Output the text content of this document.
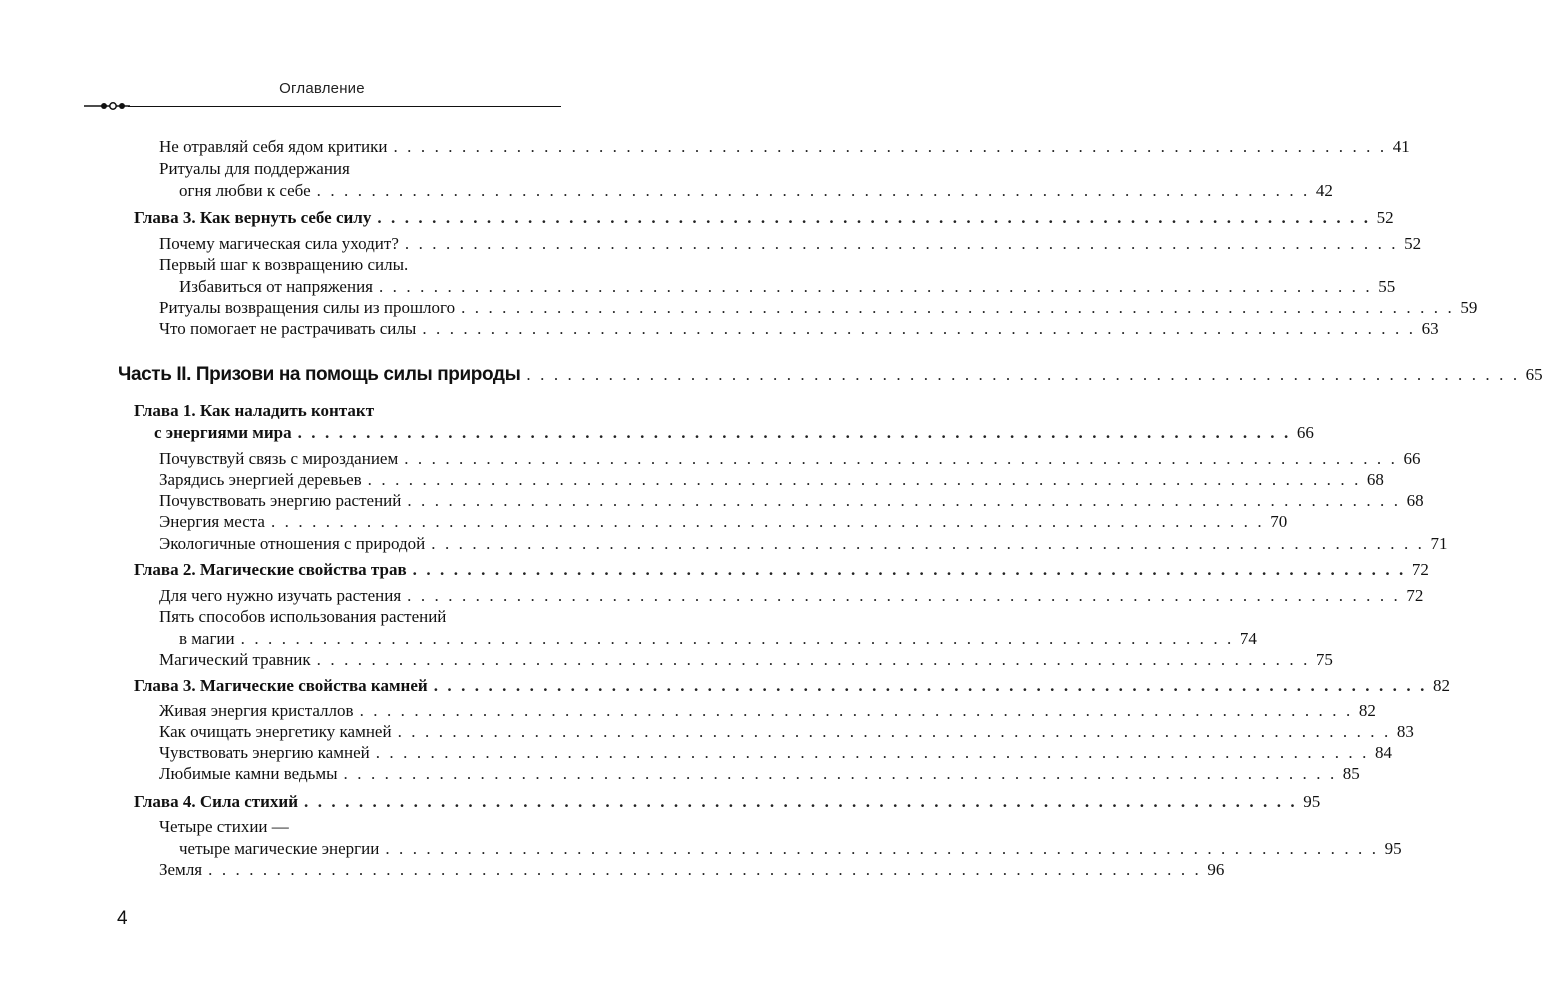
Оглавление
Не отравляй себя ядом критики . . . . . . . . . . . . . . . . . . . . . . . . . . . . . . . . . . . . . . . . . . . . . . . . . . . . . . . . . . . . . . . . . . . . . . . . . 41
Ритуалы для поддержания
огня любви к себе . . . . . . . . . . . . . . . . . . . . . . . . . . . . . . . . . . . . . . . . . . . . . . . . . . . . . . . . . . . . . . . . . . . . . . . . . 42
Глава 3. Как вернуть себе силу . . . . . . . . . . . . . . . . . . . . . . . . . . . . . . . . . . . . . . . . . . . . . . . . . . . . . . . . . . . . . . . . . . . . . . . . . 52
Почему магическая сила уходит? . . . . . . . . . . . . . . . . . . . . . . . . . . . . . . . . . . . . . . . . . . . . . . . . . . . . . . . . . . . . . . . . . . . . . . . . . 52
Первый шаг к возвращению силы.
Избавиться от напряжения . . . . . . . . . . . . . . . . . . . . . . . . . . . . . . . . . . . . . . . . . . . . . . . . . . . . . . . . . . . . . . . . . . . . . . . . . 55
Ритуалы возвращения силы из прошлого . . . . . . . . . . . . . . . . . . . . . . . . . . . . . . . . . . . . . . . . . . . . . . . . . . . . . . . . . . . . . . . . . . . . . . . . . 59
Что помогает не растрачивать силы . . . . . . . . . . . . . . . . . . . . . . . . . . . . . . . . . . . . . . . . . . . . . . . . . . . . . . . . . . . . . . . . . . . . . . . . . 63
Часть II. Призови на помощь силы природы . . . . . . . . . . . . . . . . . . . . . . . . . . . . . . . . . . . . . . . . . . . . . . . . . . . . . . . . . . . . . . . . . . . . . . . . . 65
Глава 1. Как наладить контакт
с энергиями мира . . . . . . . . . . . . . . . . . . . . . . . . . . . . . . . . . . . . . . . . . . . . . . . . . . . . . . . . . . . . . . . . . . . . . . . . . 66
Почувствуй связь с мирозданием . . . . . . . . . . . . . . . . . . . . . . . . . . . . . . . . . . . . . . . . . . . . . . . . . . . . . . . . . . . . . . . . . . . . . . . . . 66
Зарядись энергией деревьев . . . . . . . . . . . . . . . . . . . . . . . . . . . . . . . . . . . . . . . . . . . . . . . . . . . . . . . . . . . . . . . . . . . . . . . . . 68
Почувствовать энергию растений . . . . . . . . . . . . . . . . . . . . . . . . . . . . . . . . . . . . . . . . . . . . . . . . . . . . . . . . . . . . . . . . . . . . . . . . . 68
Энергия места . . . . . . . . . . . . . . . . . . . . . . . . . . . . . . . . . . . . . . . . . . . . . . . . . . . . . . . . . . . . . . . . . . . . . . . . . 70
Экологичные отношения с природой . . . . . . . . . . . . . . . . . . . . . . . . . . . . . . . . . . . . . . . . . . . . . . . . . . . . . . . . . . . . . . . . . . . . . . . . . 71
Глава 2. Магические свойства трав . . . . . . . . . . . . . . . . . . . . . . . . . . . . . . . . . . . . . . . . . . . . . . . . . . . . . . . . . . . . . . . . . . . . . . . . . 72
Для чего нужно изучать растения . . . . . . . . . . . . . . . . . . . . . . . . . . . . . . . . . . . . . . . . . . . . . . . . . . . . . . . . . . . . . . . . . . . . . . . . . 72
Пять способов использования растений
в магии . . . . . . . . . . . . . . . . . . . . . . . . . . . . . . . . . . . . . . . . . . . . . . . . . . . . . . . . . . . . . . . . . . . . . . . . . 74
Магический травник . . . . . . . . . . . . . . . . . . . . . . . . . . . . . . . . . . . . . . . . . . . . . . . . . . . . . . . . . . . . . . . . . . . . . . . . . 75
Глава 3. Магические свойства камней . . . . . . . . . . . . . . . . . . . . . . . . . . . . . . . . . . . . . . . . . . . . . . . . . . . . . . . . . . . . . . . . . . . . . . . . . 82
Живая энергия кристаллов . . . . . . . . . . . . . . . . . . . . . . . . . . . . . . . . . . . . . . . . . . . . . . . . . . . . . . . . . . . . . . . . . . . . . . . . . 82
Как очищать энергетику камней . . . . . . . . . . . . . . . . . . . . . . . . . . . . . . . . . . . . . . . . . . . . . . . . . . . . . . . . . . . . . . . . . . . . . . . . . 83
Чувствовать энергию камней . . . . . . . . . . . . . . . . . . . . . . . . . . . . . . . . . . . . . . . . . . . . . . . . . . . . . . . . . . . . . . . . . . . . . . . . . 84
Любимые камни ведьмы . . . . . . . . . . . . . . . . . . . . . . . . . . . . . . . . . . . . . . . . . . . . . . . . . . . . . . . . . . . . . . . . . . . . . . . . . 85
Глава 4. Сила стихий . . . . . . . . . . . . . . . . . . . . . . . . . . . . . . . . . . . . . . . . . . . . . . . . . . . . . . . . . . . . . . . . . . . . . . . . . 95
Четыре стихии —
четыре магические энергии . . . . . . . . . . . . . . . . . . . . . . . . . . . . . . . . . . . . . . . . . . . . . . . . . . . . . . . . . . . . . . . . . . . . . . . . . 95
Земля . . . . . . . . . . . . . . . . . . . . . . . . . . . . . . . . . . . . . . . . . . . . . . . . . . . . . . . . . . . . . . . . . . . . . . . . . 96
4
